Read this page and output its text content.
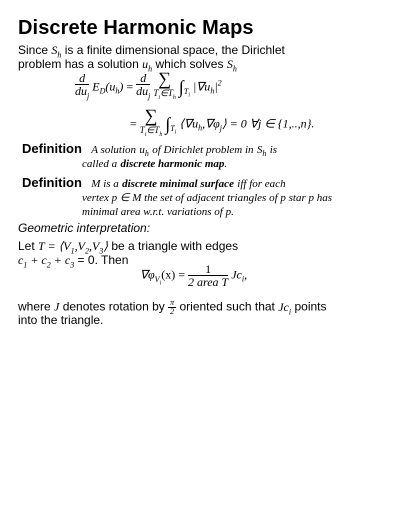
Discrete Harmonic Maps
Since $S_h$ is a finite dimensional space, the Dirichlet
problem has a solution $u_h$ which solves $S_h$
$\frac{d}{du_j} E_D(u_h) = \frac{d}{du_j}$ ∑
$T_i\in T_h$ $\int_{T_i}$ $|\nabla u_h|^2$
= ∑
$T_i\in T_h$ $\int_{T_i}$ $⟨\nabla u_h,\nabla\varphi_j⟩ = 0$ ∀j ∈ {1,..,n}.
Definition A solution $u_h$ of Dirichlet problem in $S_h$ is
called a discrete harmonic map.
Definition M is a discrete minimal surface iff for each
vertex p ∈ M the set of adjacent triangles of p star p has
minimal area w.r.t. variations of p.
Geometric interpretation:
Let $T = ⟨V_1,V_2,V_3⟩$ be a triangle with edges
$c_1 + c_2 + c_3 = 0$. Then
$\nabla\varphi_{V_i}(x) = \frac{1}{\text{2 area T}} Jc_i$,
where J denotes rotation by $\frac{\pi}{2}$ oriented such that $Jc_i$ points
into the triangle.
